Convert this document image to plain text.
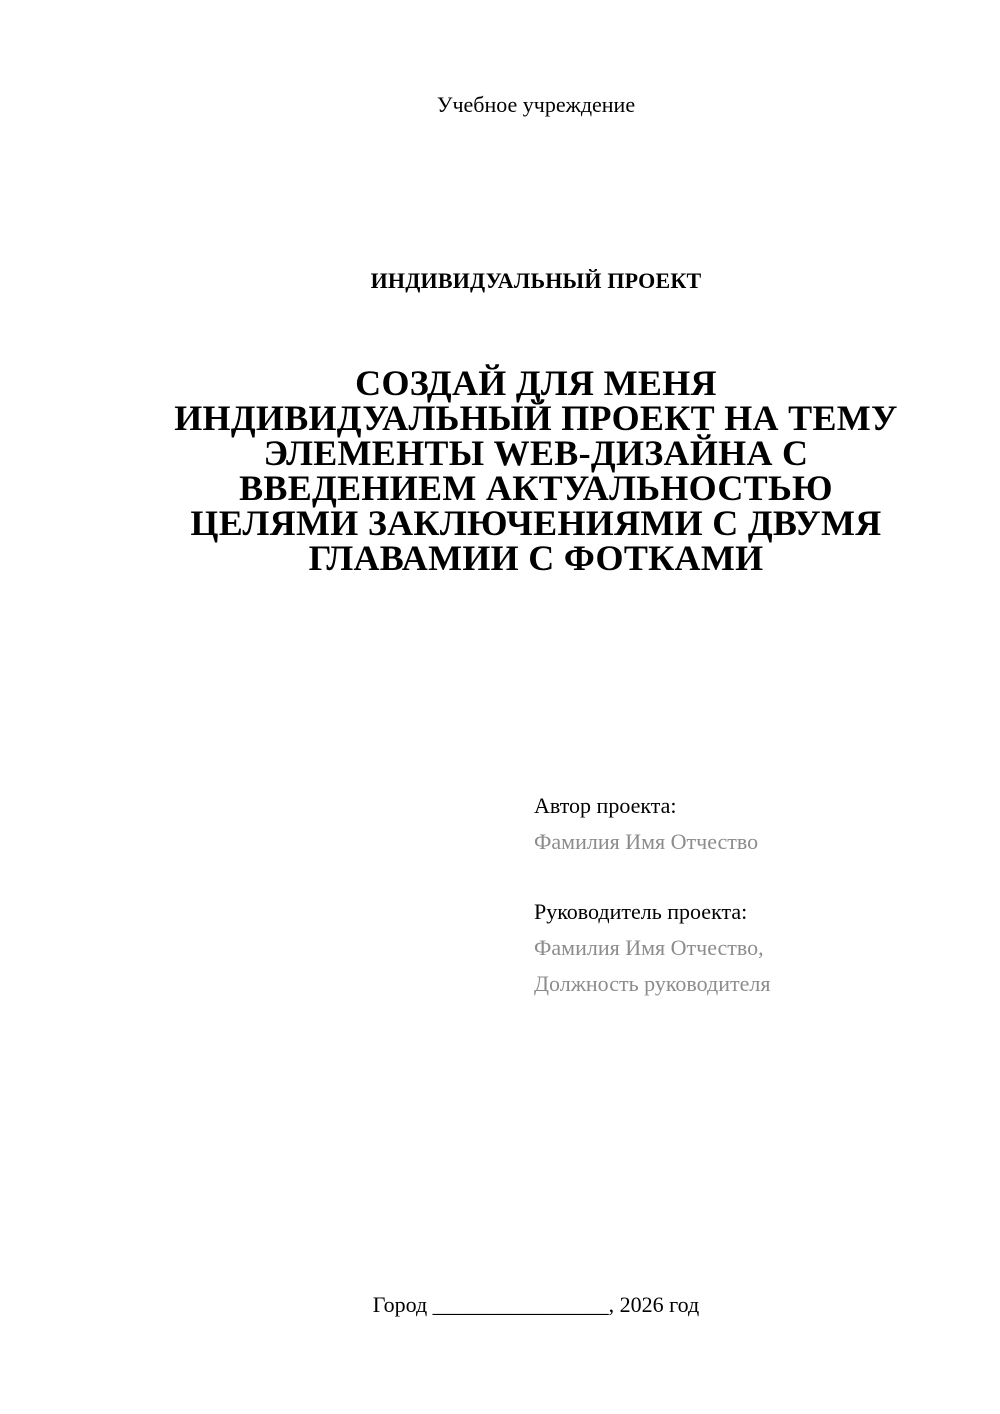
Учебное учреждение
ИНДИВИДУАЛЬНЫЙ ПРОЕКТ
СОЗДАЙ ДЛЯ МЕНЯ
ИНДИВИДУАЛЬНЫЙ ПРОЕКТ НА ТЕМУ
ЭЛЕМЕНТЫ WEB-ДИЗАЙНА С
ВВЕДЕНИЕМ АКТУАЛЬНОСТЬЮ
ЦЕЛЯМИ ЗАКЛЮЧЕНИЯМИ С ДВУМЯ
ГЛАВАМИИ С ФОТКАМИ
Автор проекта:
Фамилия Имя Отчество
Руководитель проекта:
Фамилия Имя Отчество,
Должность руководителя
Город ________________, 2026 год
